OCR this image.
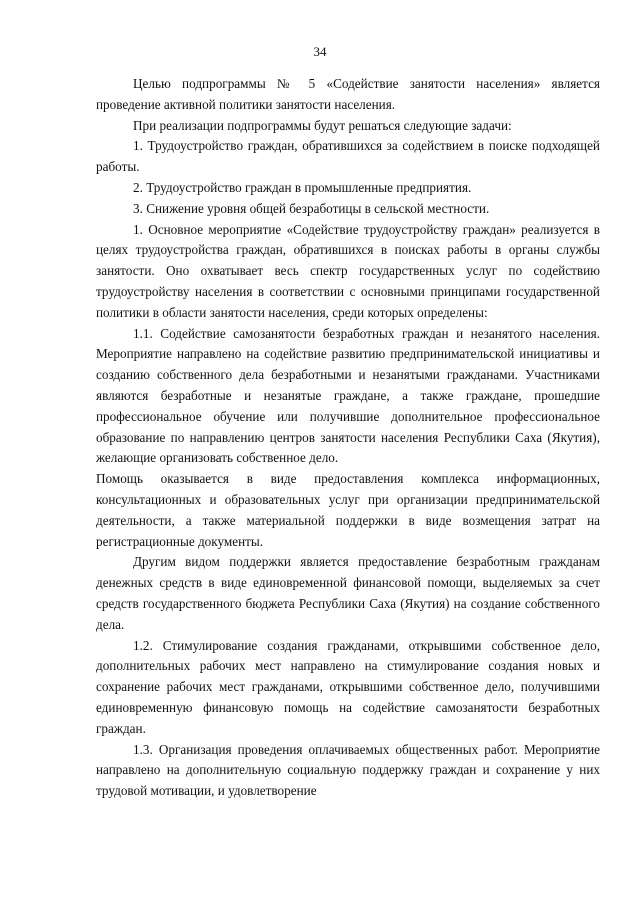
34

Целью подпрограммы № 5 «Содействие занятости населения» является проведение активной политики занятости населения.

При реализации подпрограммы будут решаться следующие задачи:

1. Трудоустройство граждан, обратившихся за содействием в поиске подходящей работы.

2. Трудоустройство граждан в промышленные предприятия.

3. Снижение уровня общей безработицы в сельской местности.

1. Основное мероприятие «Содействие трудоустройству граждан» реализуется в целях трудоустройства граждан, обратившихся в поисках работы в органы службы занятости. Оно охватывает весь спектр государственных услуг по содействию трудоустройству населения в соответствии с основными принципами государственной политики в области занятости населения, среди которых определены:

1.1. Содействие самозанятости безработных граждан и незанятого населения. Мероприятие направлено на содействие развитию предпринимательской инициативы и созданию собственного дела безработными и незанятыми гражданами. Участниками являются безработные и незанятые граждане, а также граждане, прошедшие профессиональное обучение или получившие дополнительное профессиональное образование по направлению центров занятости населения Республики Саха (Якутия), желающие организовать собственное дело.

Помощь оказывается в виде предоставления комплекса информационных, консультационных и образовательных услуг при организации предпринимательской деятельности, а также материальной поддержки в виде возмещения затрат на регистрационные документы.

Другим видом поддержки является предоставление безработным гражданам денежных средств в виде единовременной финансовой помощи, выделяемых за счет средств государственного бюджета Республики Саха (Якутия) на создание собственного дела.

1.2. Стимулирование создания гражданами, открывшими собственное дело, дополнительных рабочих мест направлено на стимулирование создания новых и сохранение рабочих мест гражданами, открывшими собственное дело, получившими единовременную финансовую помощь на содействие самозанятости безработных граждан.

1.3. Организация проведения оплачиваемых общественных работ. Мероприятие направлено на дополнительную социальную поддержку граждан и сохранение у них трудовой мотивации, и удовлетворение
